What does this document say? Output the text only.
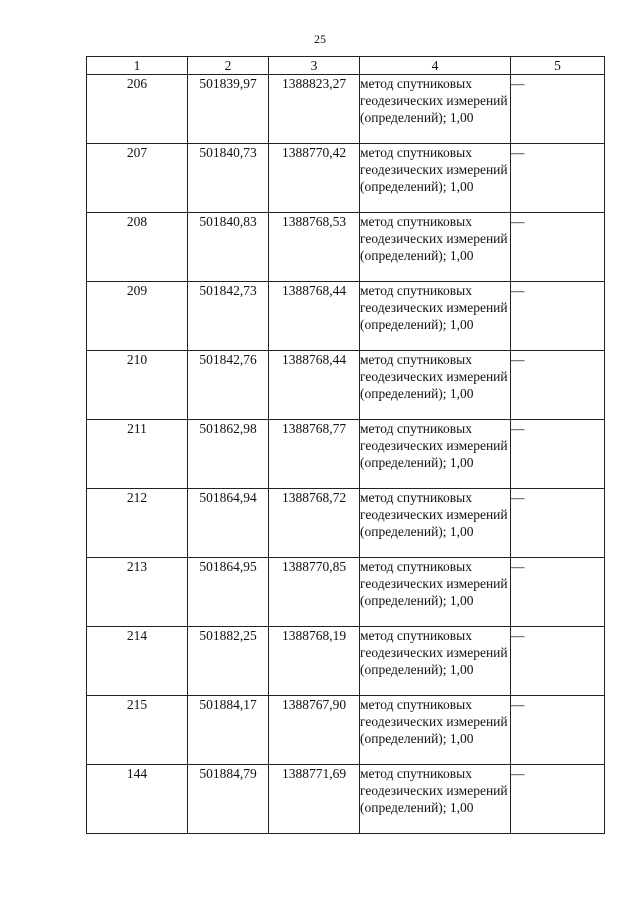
25
1	2	3	4	5
206	501839,97	1388823,27	метод спутниковых геодезических измерений (определений); 1,00	—
207	501840,73	1388770,42	метод спутниковых геодезических измерений (определений); 1,00	—
208	501840,83	1388768,53	метод спутниковых геодезических измерений (определений); 1,00	—
209	501842,73	1388768,44	метод спутниковых геодезических измерений (определений); 1,00	—
210	501842,76	1388768,44	метод спутниковых геодезических измерений (определений); 1,00	—
211	501862,98	1388768,77	метод спутниковых геодезических измерений (определений); 1,00	—
212	501864,94	1388768,72	метод спутниковых геодезических измерений (определений); 1,00	—
213	501864,95	1388770,85	метод спутниковых геодезических измерений (определений); 1,00	—
214	501882,25	1388768,19	метод спутниковых геодезических измерений (определений); 1,00	—
215	501884,17	1388767,90	метод спутниковых геодезических измерений (определений); 1,00	—
144	501884,79	1388771,69	метод спутниковых геодезических измерений (определений); 1,00	—
